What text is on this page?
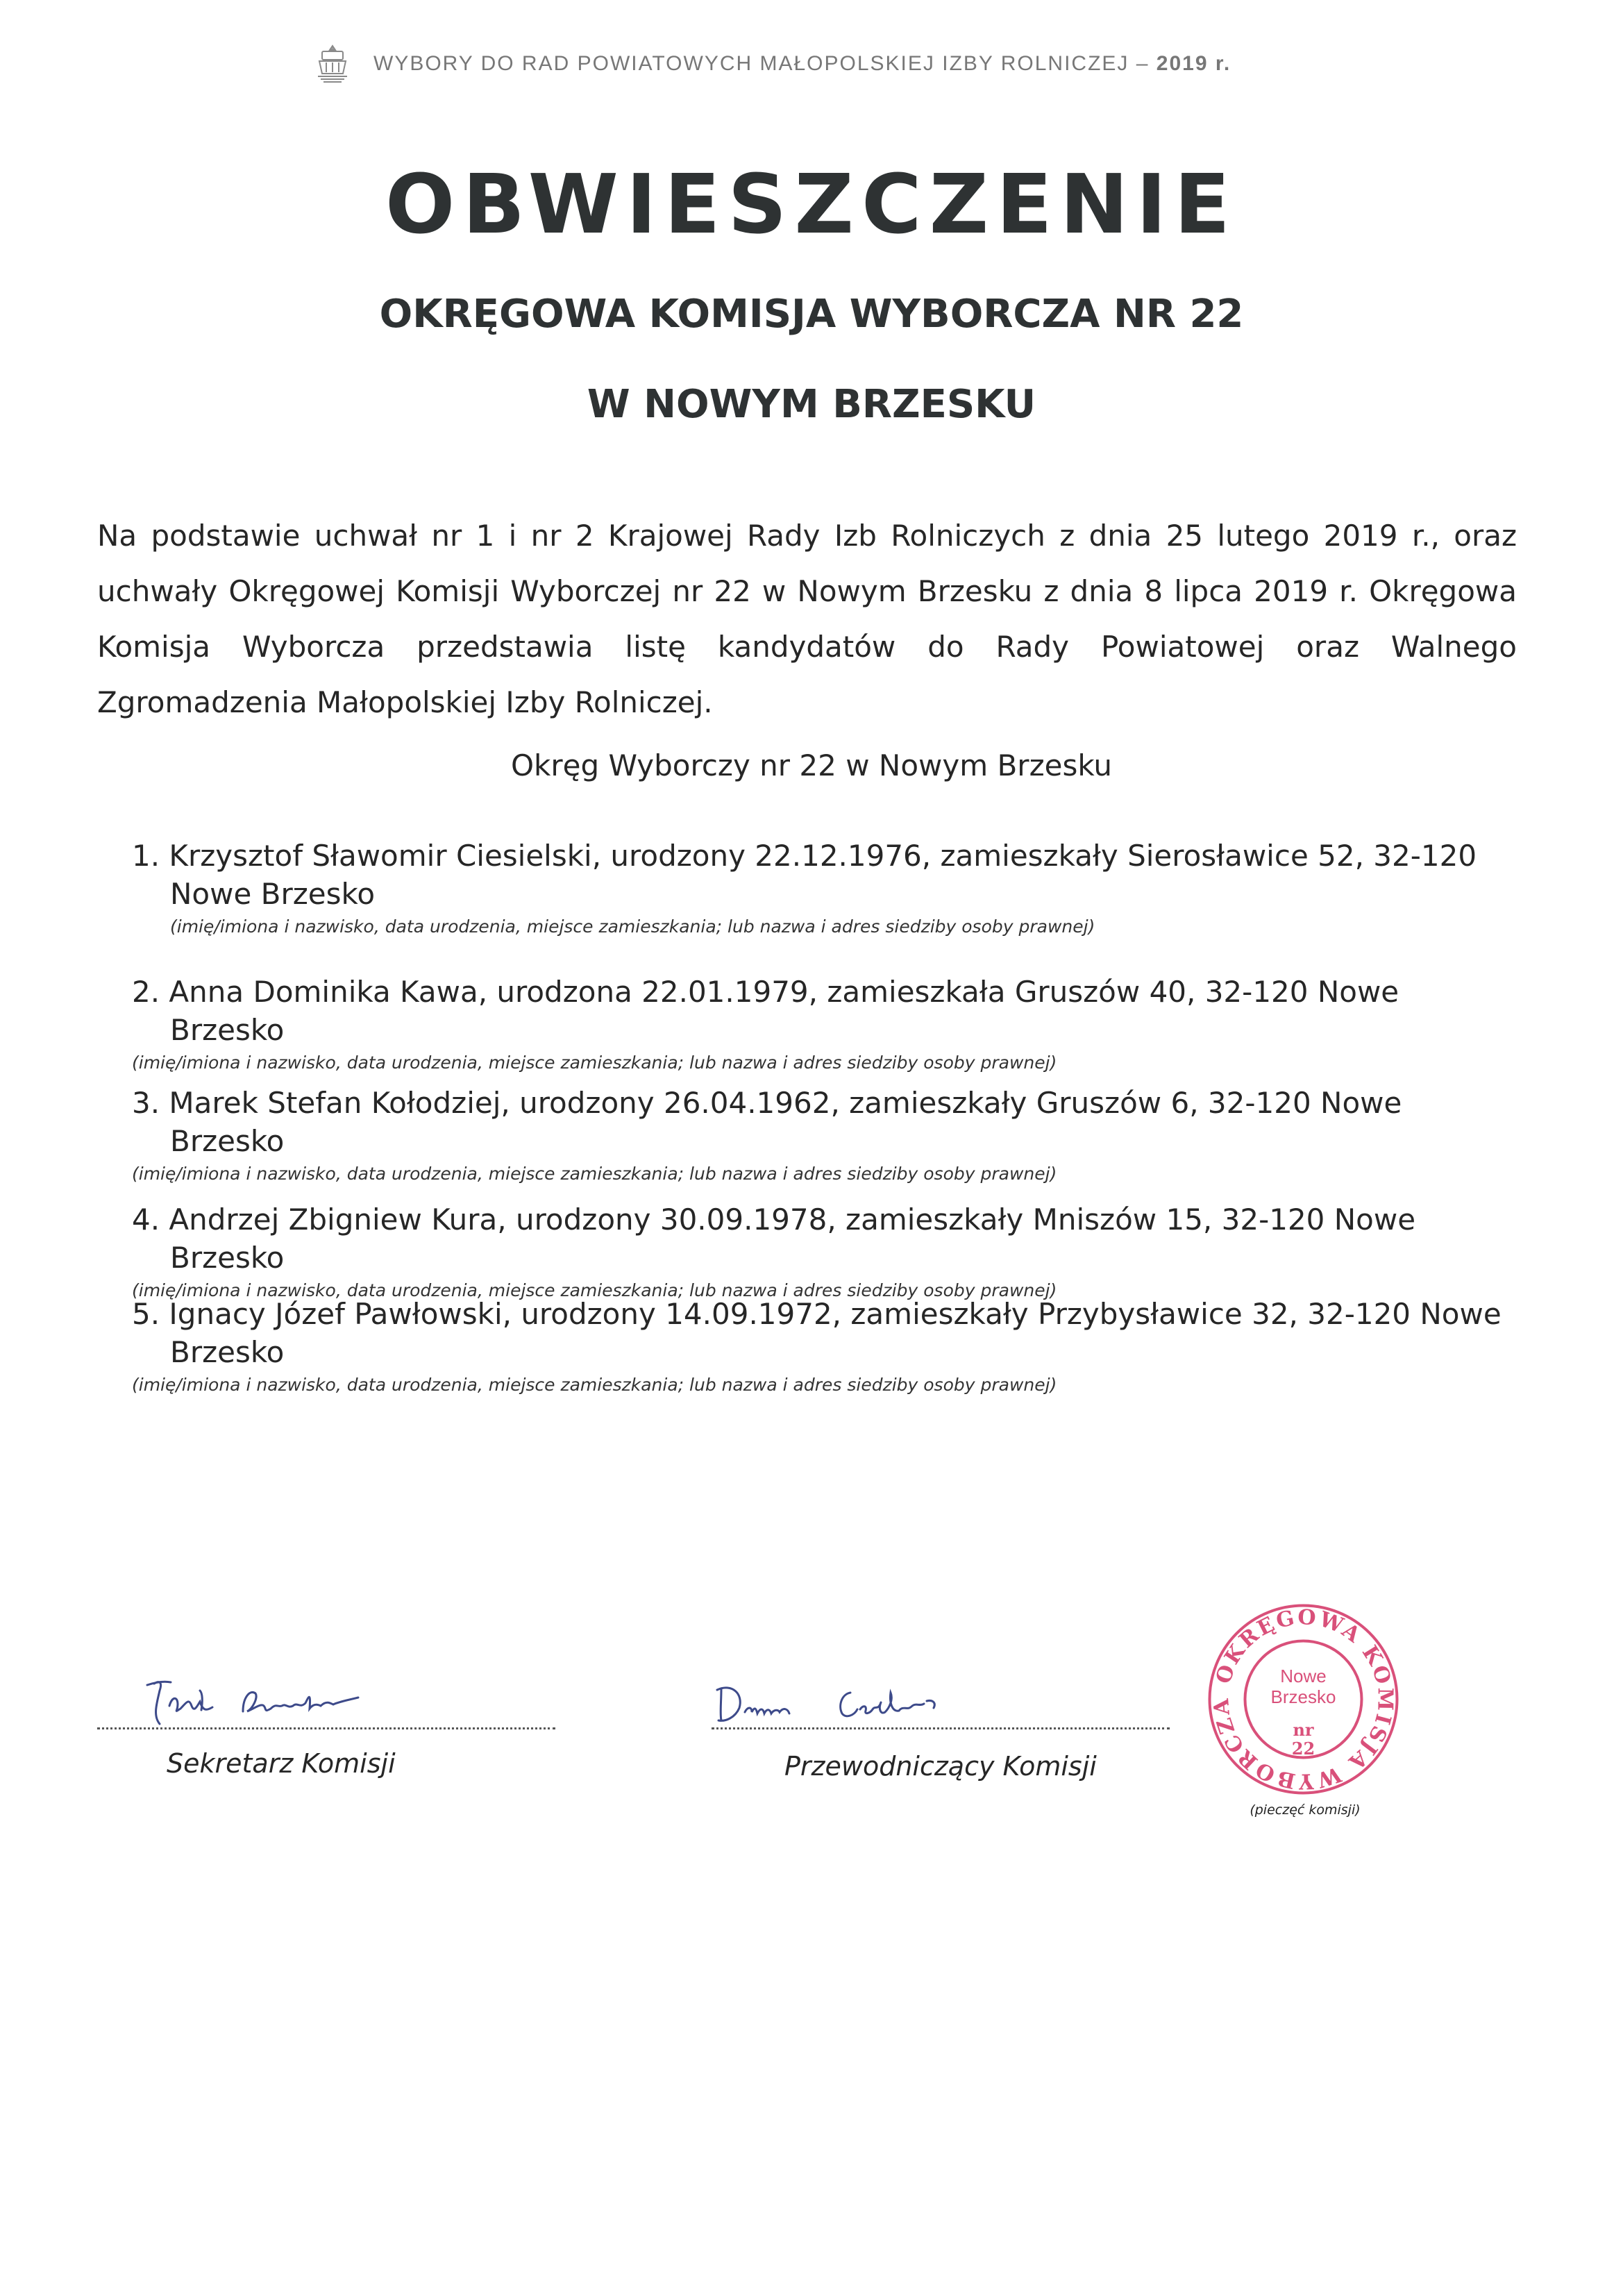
WYBORY DO RAD POWIATOWYCH MAŁOPOLSKIEJ IZBY ROLNICZEJ – 2019 r.
OBWIESZCZENIE
OKRĘGOWA KOMISJA WYBORCZA NR 22
W NOWYM BRZESKU
Na podstawie uchwał nr 1 i nr 2 Krajowej Rady Izb Rolniczych z dnia 25 lutego 2019 r., oraz uchwały Okręgowej Komisji Wyborczej nr 22 w Nowym Brzesku z dnia 8 lipca 2019 r. Okręgowa Komisja Wyborcza przedstawia listę kandydatów do Rady Powiatowej oraz Walnego Zgromadzenia Małopolskiej Izby Rolniczej.
Okręg Wyborczy nr 22 w Nowym Brzesku
1. Krzysztof Sławomir Ciesielski, urodzony 22.12.1976, zamieszkały Sierosławice 52, 32-120 Nowe Brzesko
(imię/imiona i nazwisko, data urodzenia, miejsce zamieszkania; lub nazwa i adres siedziby osoby prawnej)
2. Anna Dominika Kawa, urodzona 22.01.1979, zamieszkała Gruszów 40, 32-120 Nowe Brzesko
(imię/imiona i nazwisko, data urodzenia, miejsce zamieszkania; lub nazwa i adres siedziby osoby prawnej)
3. Marek Stefan Kołodziej, urodzony 26.04.1962, zamieszkały Gruszów 6, 32-120 Nowe Brzesko
(imię/imiona i nazwisko, data urodzenia, miejsce zamieszkania; lub nazwa i adres siedziby osoby prawnej)
4. Andrzej Zbigniew Kura, urodzony 30.09.1978, zamieszkały Mniszów 15, 32-120 Nowe Brzesko
(imię/imiona i nazwisko, data urodzenia, miejsce zamieszkania; lub nazwa i adres siedziby osoby prawnej)
5. Ignacy Józef Pawłowski, urodzony 14.09.1972, zamieszkały Przybysławice 32, 32-120 Nowe Brzesko
(imię/imiona i nazwisko, data urodzenia, miejsce zamieszkania; lub nazwa i adres siedziby osoby prawnej)
Sekretarz Komisji	Przewodniczący Komisji
OKRĘGOWA KOMISJA WYBORCZA
Nowe
Brzesko
nr
22
(pieczęć komisji)
